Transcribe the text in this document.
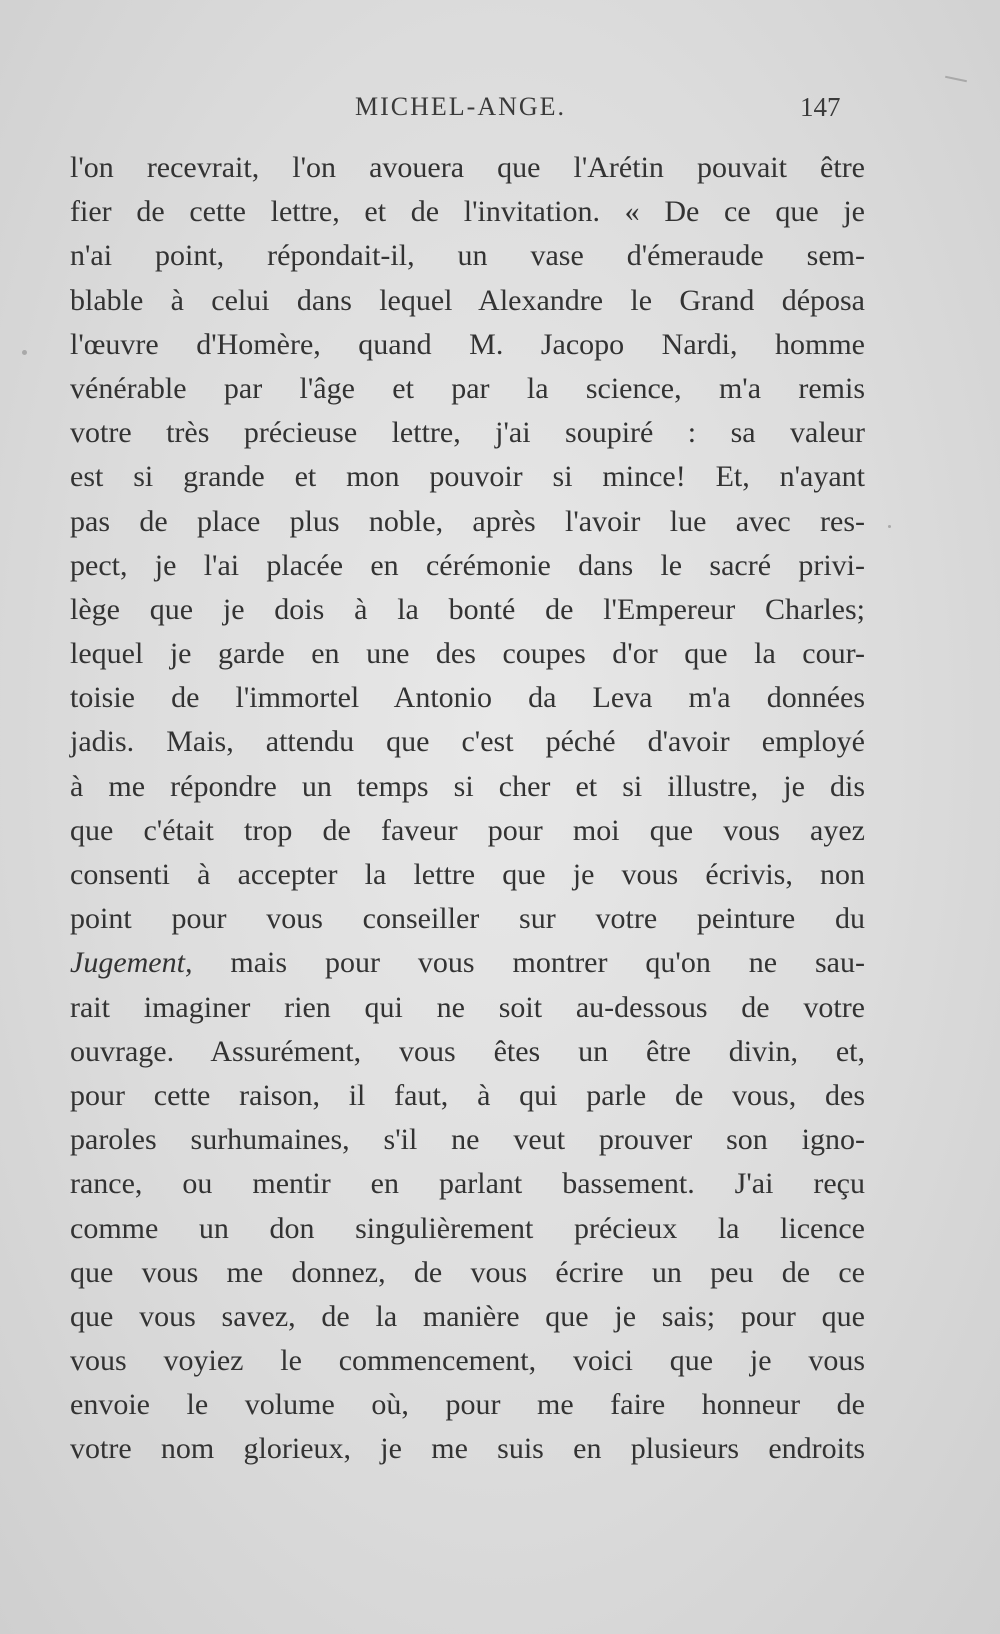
MICHEL-ANGE.	147
l'on recevrait, l'on avouera que l'Arétin pouvait être
fier de cette lettre, et de l'invitation. « De ce que je
n'ai point, répondait-il, un vase d'émeraude sem-
blable à celui dans lequel Alexandre le Grand déposa
l'œuvre d'Homère, quand M. Jacopo Nardi, homme
vénérable par l'âge et par la science, m'a remis
votre très précieuse lettre, j'ai soupiré : sa valeur
est si grande et mon pouvoir si mince! Et, n'ayant
pas de place plus noble, après l'avoir lue avec res-
pect, je l'ai placée en cérémonie dans le sacré privi-
lège que je dois à la bonté de l'Empereur Charles;
lequel je garde en une des coupes d'or que la cour-
toisie de l'immortel Antonio da Leva m'a données
jadis. Mais, attendu que c'est péché d'avoir employé
à me répondre un temps si cher et si illustre, je dis
que c'était trop de faveur pour moi que vous ayez
consenti à accepter la lettre que je vous écrivis, non
point pour vous conseiller sur votre peinture du
Jugement, mais pour vous montrer qu'on ne sau-
rait imaginer rien qui ne soit au-dessous de votre
ouvrage. Assurément, vous êtes un être divin, et,
pour cette raison, il faut, à qui parle de vous, des
paroles surhumaines, s'il ne veut prouver son igno-
rance, ou mentir en parlant bassement. J'ai reçu
comme un don singulièrement précieux la licence
que vous me donnez, de vous écrire un peu de ce
que vous savez, de la manière que je sais; pour que
vous voyiez le commencement, voici que je vous
envoie le volume où, pour me faire honneur de
votre nom glorieux, je me suis en plusieurs endroits
